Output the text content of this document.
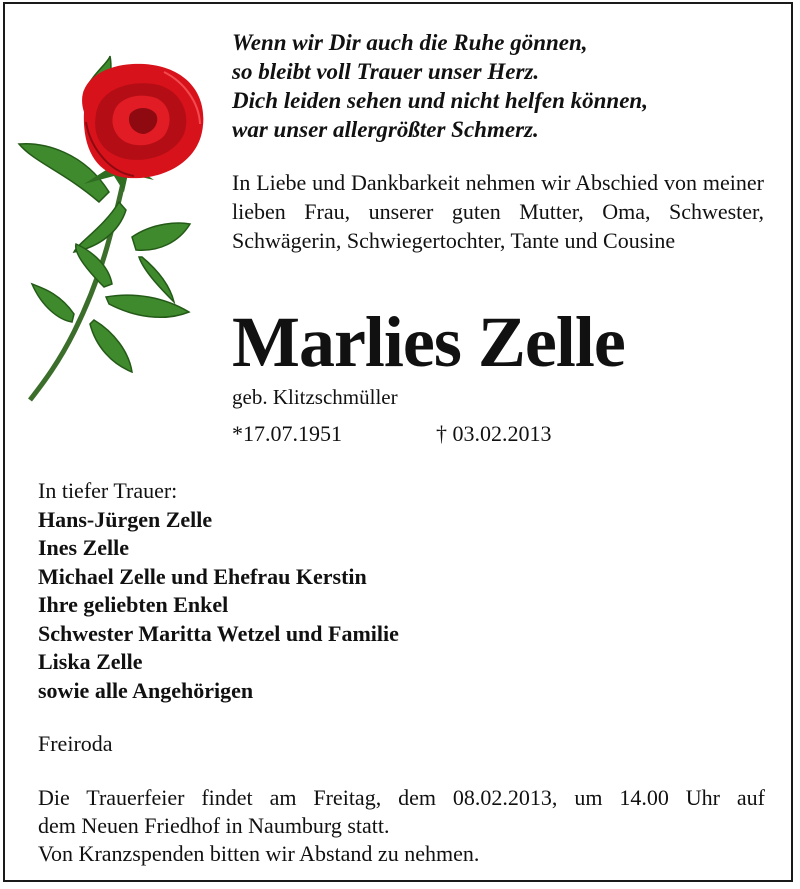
Wenn wir Dir auch die Ruhe gönnen,
so bleibt voll Trauer unser Herz.
Dich leiden sehen und nicht helfen können,
war unser allergrößter Schmerz.

In Liebe und Dankbarkeit nehmen wir Abschied von meiner lieben Frau, unserer guten Mutter, Oma, Schwester, Schwägerin, Schwiegertochter, Tante und Cousine

Marlies Zelle
geb. Klitzschmüller
*17.07.1951	† 03.02.2013
In tiefer Trauer:
Hans-Jürgen Zelle
Ines Zelle
Michael Zelle und Ehefrau Kerstin
Ihre geliebten Enkel
Schwester Maritta Wetzel und Familie
Liska Zelle
sowie alle Angehörigen
Freiroda
Die Trauerfeier findet am Freitag, dem 08.02.2013, um 14.00 Uhr auf
dem Neuen Friedhof in Naumburg statt.
Von Kranzspenden bitten wir Abstand zu nehmen.
